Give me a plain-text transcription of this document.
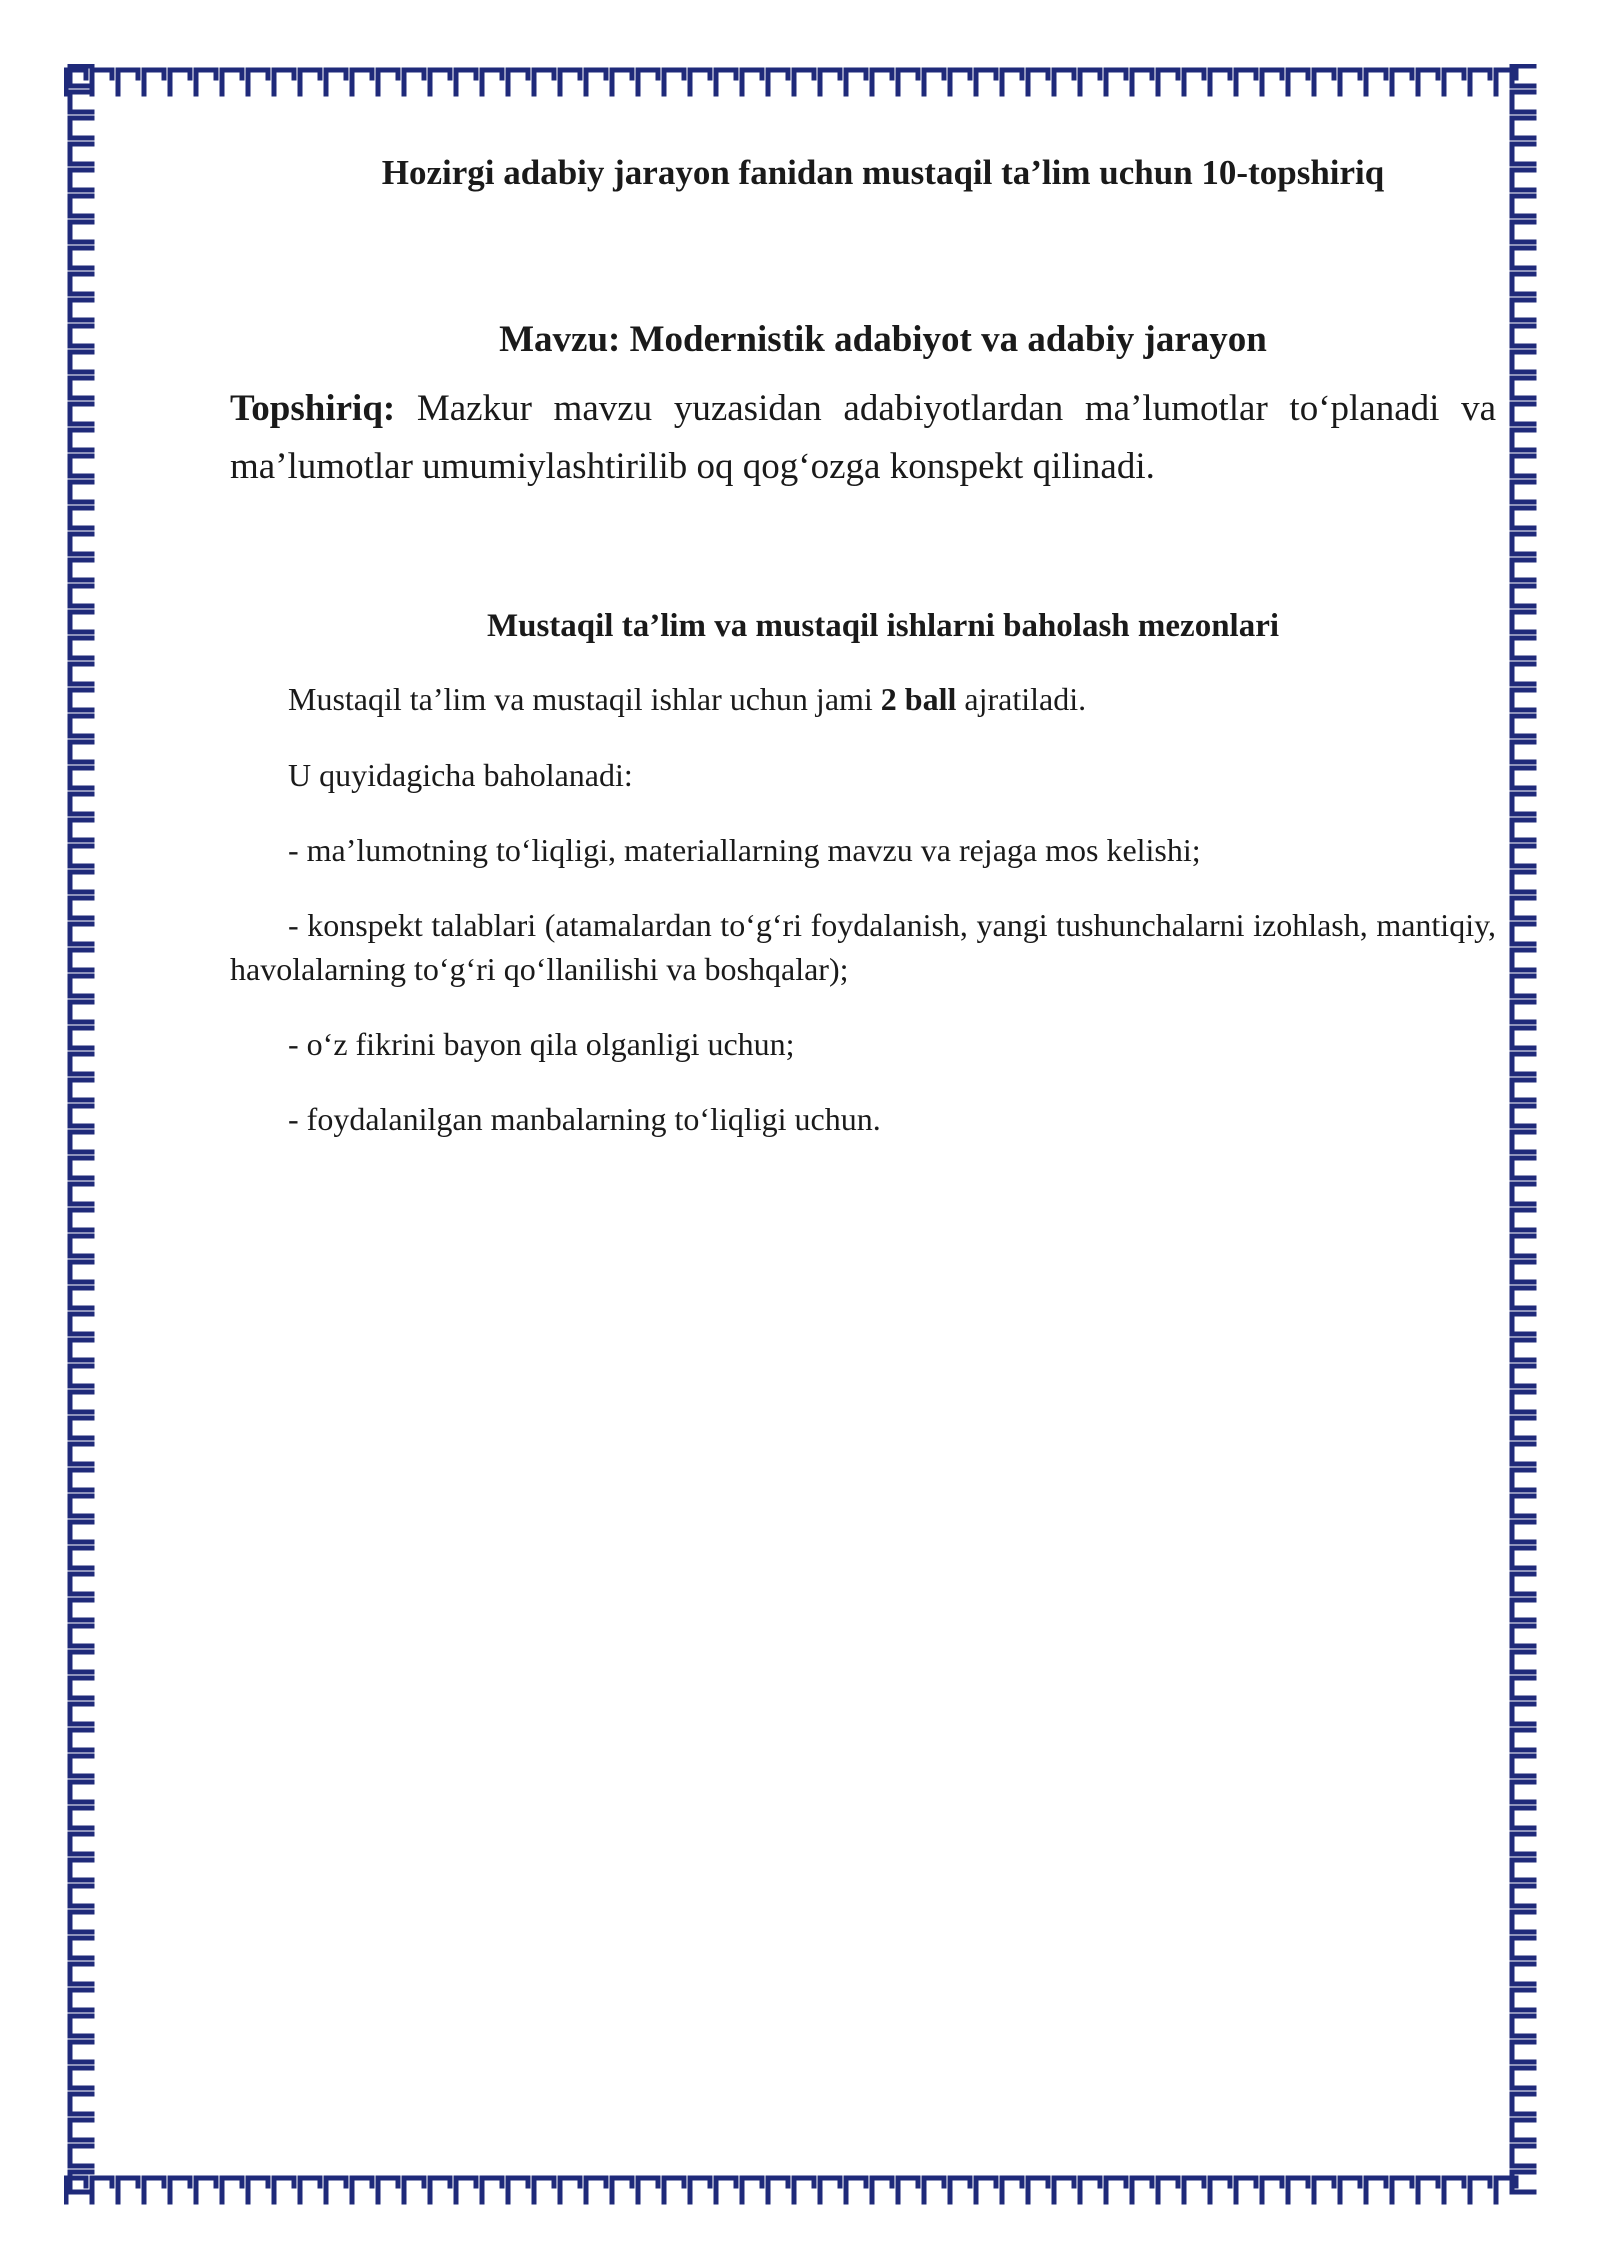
Hozirgi adabiy jarayon fanidan mustaqil ta’lim uchun 10-topshiriq
Mavzu: Modernistik adabiyot va adabiy jarayon

Topshiriq: Mazkur mavzu yuzasidan adabiyotlardan ma’lumotlar to‘planadi va ma’lumotlar umumiylashtirilib oq qog‘ozga konspekt qilinadi.

Mustaqil ta’lim va mustaqil ishlarni baholash mezonlari

Mustaqil ta’lim va mustaqil ishlar uchun jami 2 ball ajratiladi.

U quyidagicha baholanadi:

- ma’lumotning to‘liqligi, materiallarning mavzu va rejaga mos kelishi;

- konspekt talablari (atamalardan to‘g‘ri foydalanish, yangi tushunchalarni izohlash, mantiqiy, havolalarning to‘g‘ri qo‘llanilishi va boshqalar);

- o‘z fikrini bayon qila olganligi uchun;

- foydalanilgan manbalarning to‘liqligi uchun.
